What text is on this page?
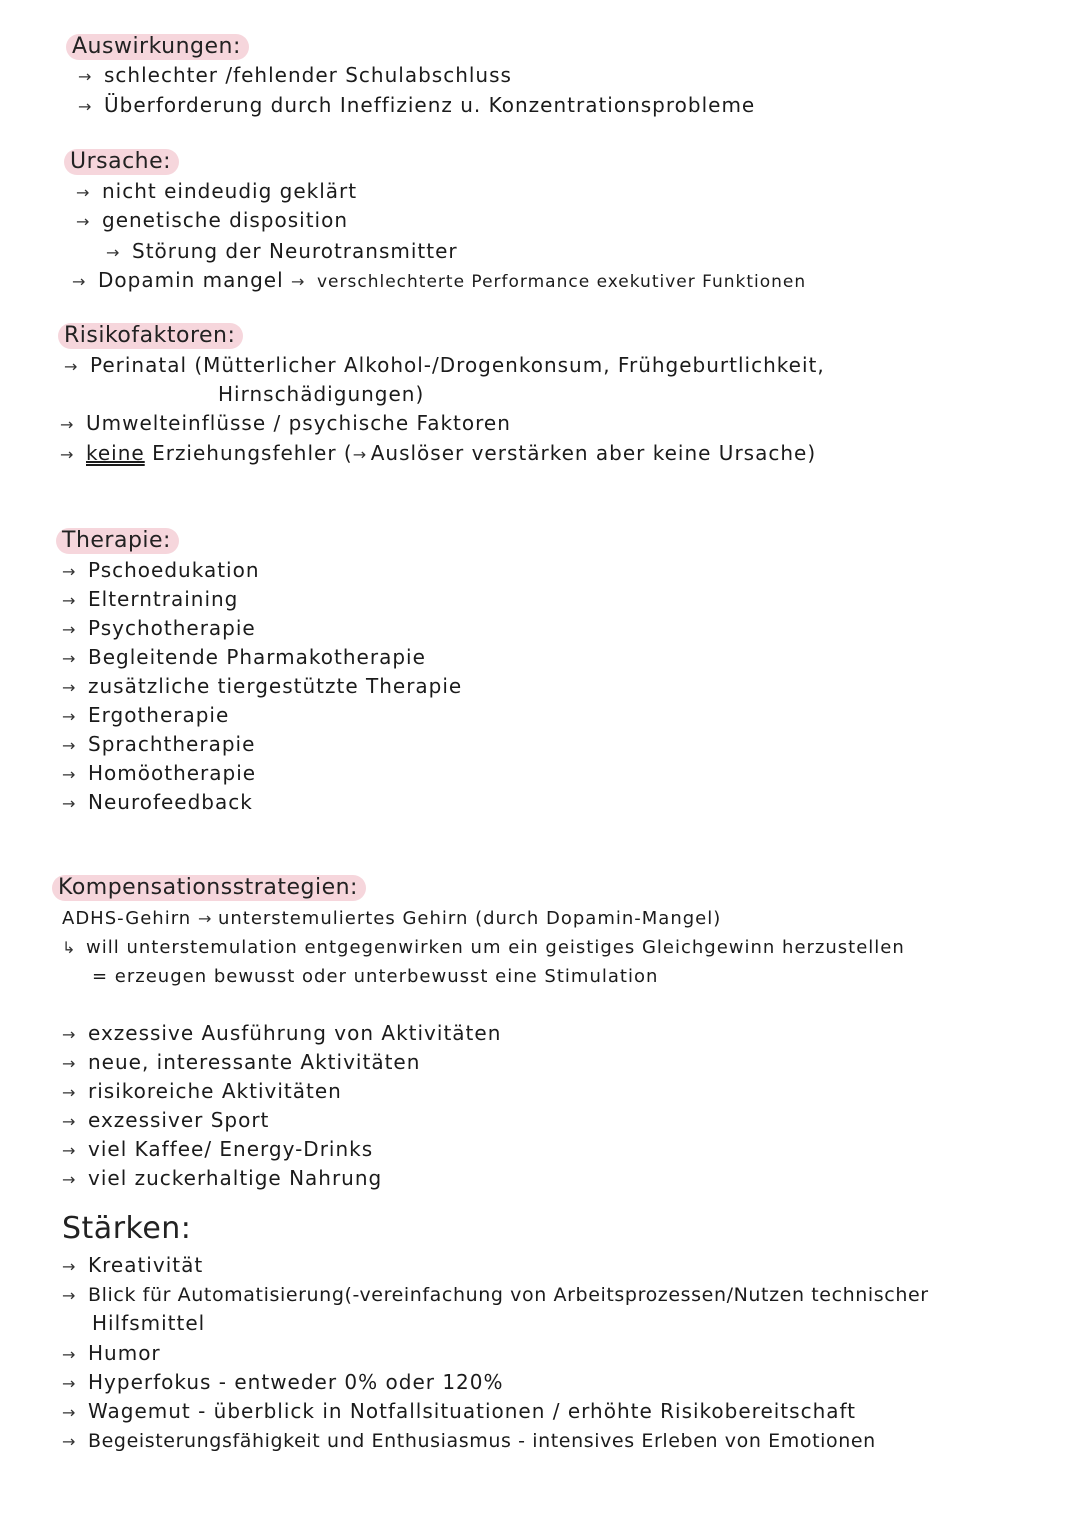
Auswirkungen:
→ schlechter /fehlender Schulabschluss
→ Überforderung durch Ineffizienz u. Konzentrationsprobleme
Ursache:
→ nicht eindeudig geklärt
→ genetische disposition
→ Störung der Neurotransmitter
→ Dopamin mangel → verschlechterte Performance exekutiver Funktionen
Risikofaktoren:
→ Perinatal (Mütterlicher Alkohol-/Drogenkonsum, Frühgeburtlichkeit,
Hirnschädigungen)
→ Umwelteinflüsse / psychische Faktoren
→ keine Erziehungsfehler (→ Auslöser verstärken aber keine Ursache)
Therapie:
→ Pschoedukation
→ Elterntraining
→ Psychotherapie
→ Begleitende Pharmakotherapie
→ zusätzliche tiergestützte Therapie
→ Ergotherapie
→ Sprachtherapie
→ Homöotherapie
→ Neurofeedback
Kompensationsstrategien:
ADHS-Gehirn → unterstemuliertes Gehirn (durch Dopamin-Mangel)
↳ will unterstemulation entgegenwirken um ein geistiges Gleichgewinn herzustellen
= erzeugen bewusst oder unterbewusst eine Stimulation
→ exzessive Ausführung von Aktivitäten
→ neue, interessante Aktivitäten
→ risikoreiche Aktivitäten
→ exzessiver Sport
→ viel Kaffee/ Energy-Drinks
→ viel zuckerhaltige Nahrung
Stärken:
→ Kreativität
→ Blick für Automatisierung(-vereinfachung von Arbeitsprozessen/Nutzen technischer
Hilfsmittel
→ Humor
→ Hyperfokus - entweder 0% oder 120%
→ Wagemut - überblick in Notfallsituationen / erhöhte Risikobereitschaft
→ Begeisterungsfähigkeit und Enthusiasmus - intensives Erleben von Emotionen
